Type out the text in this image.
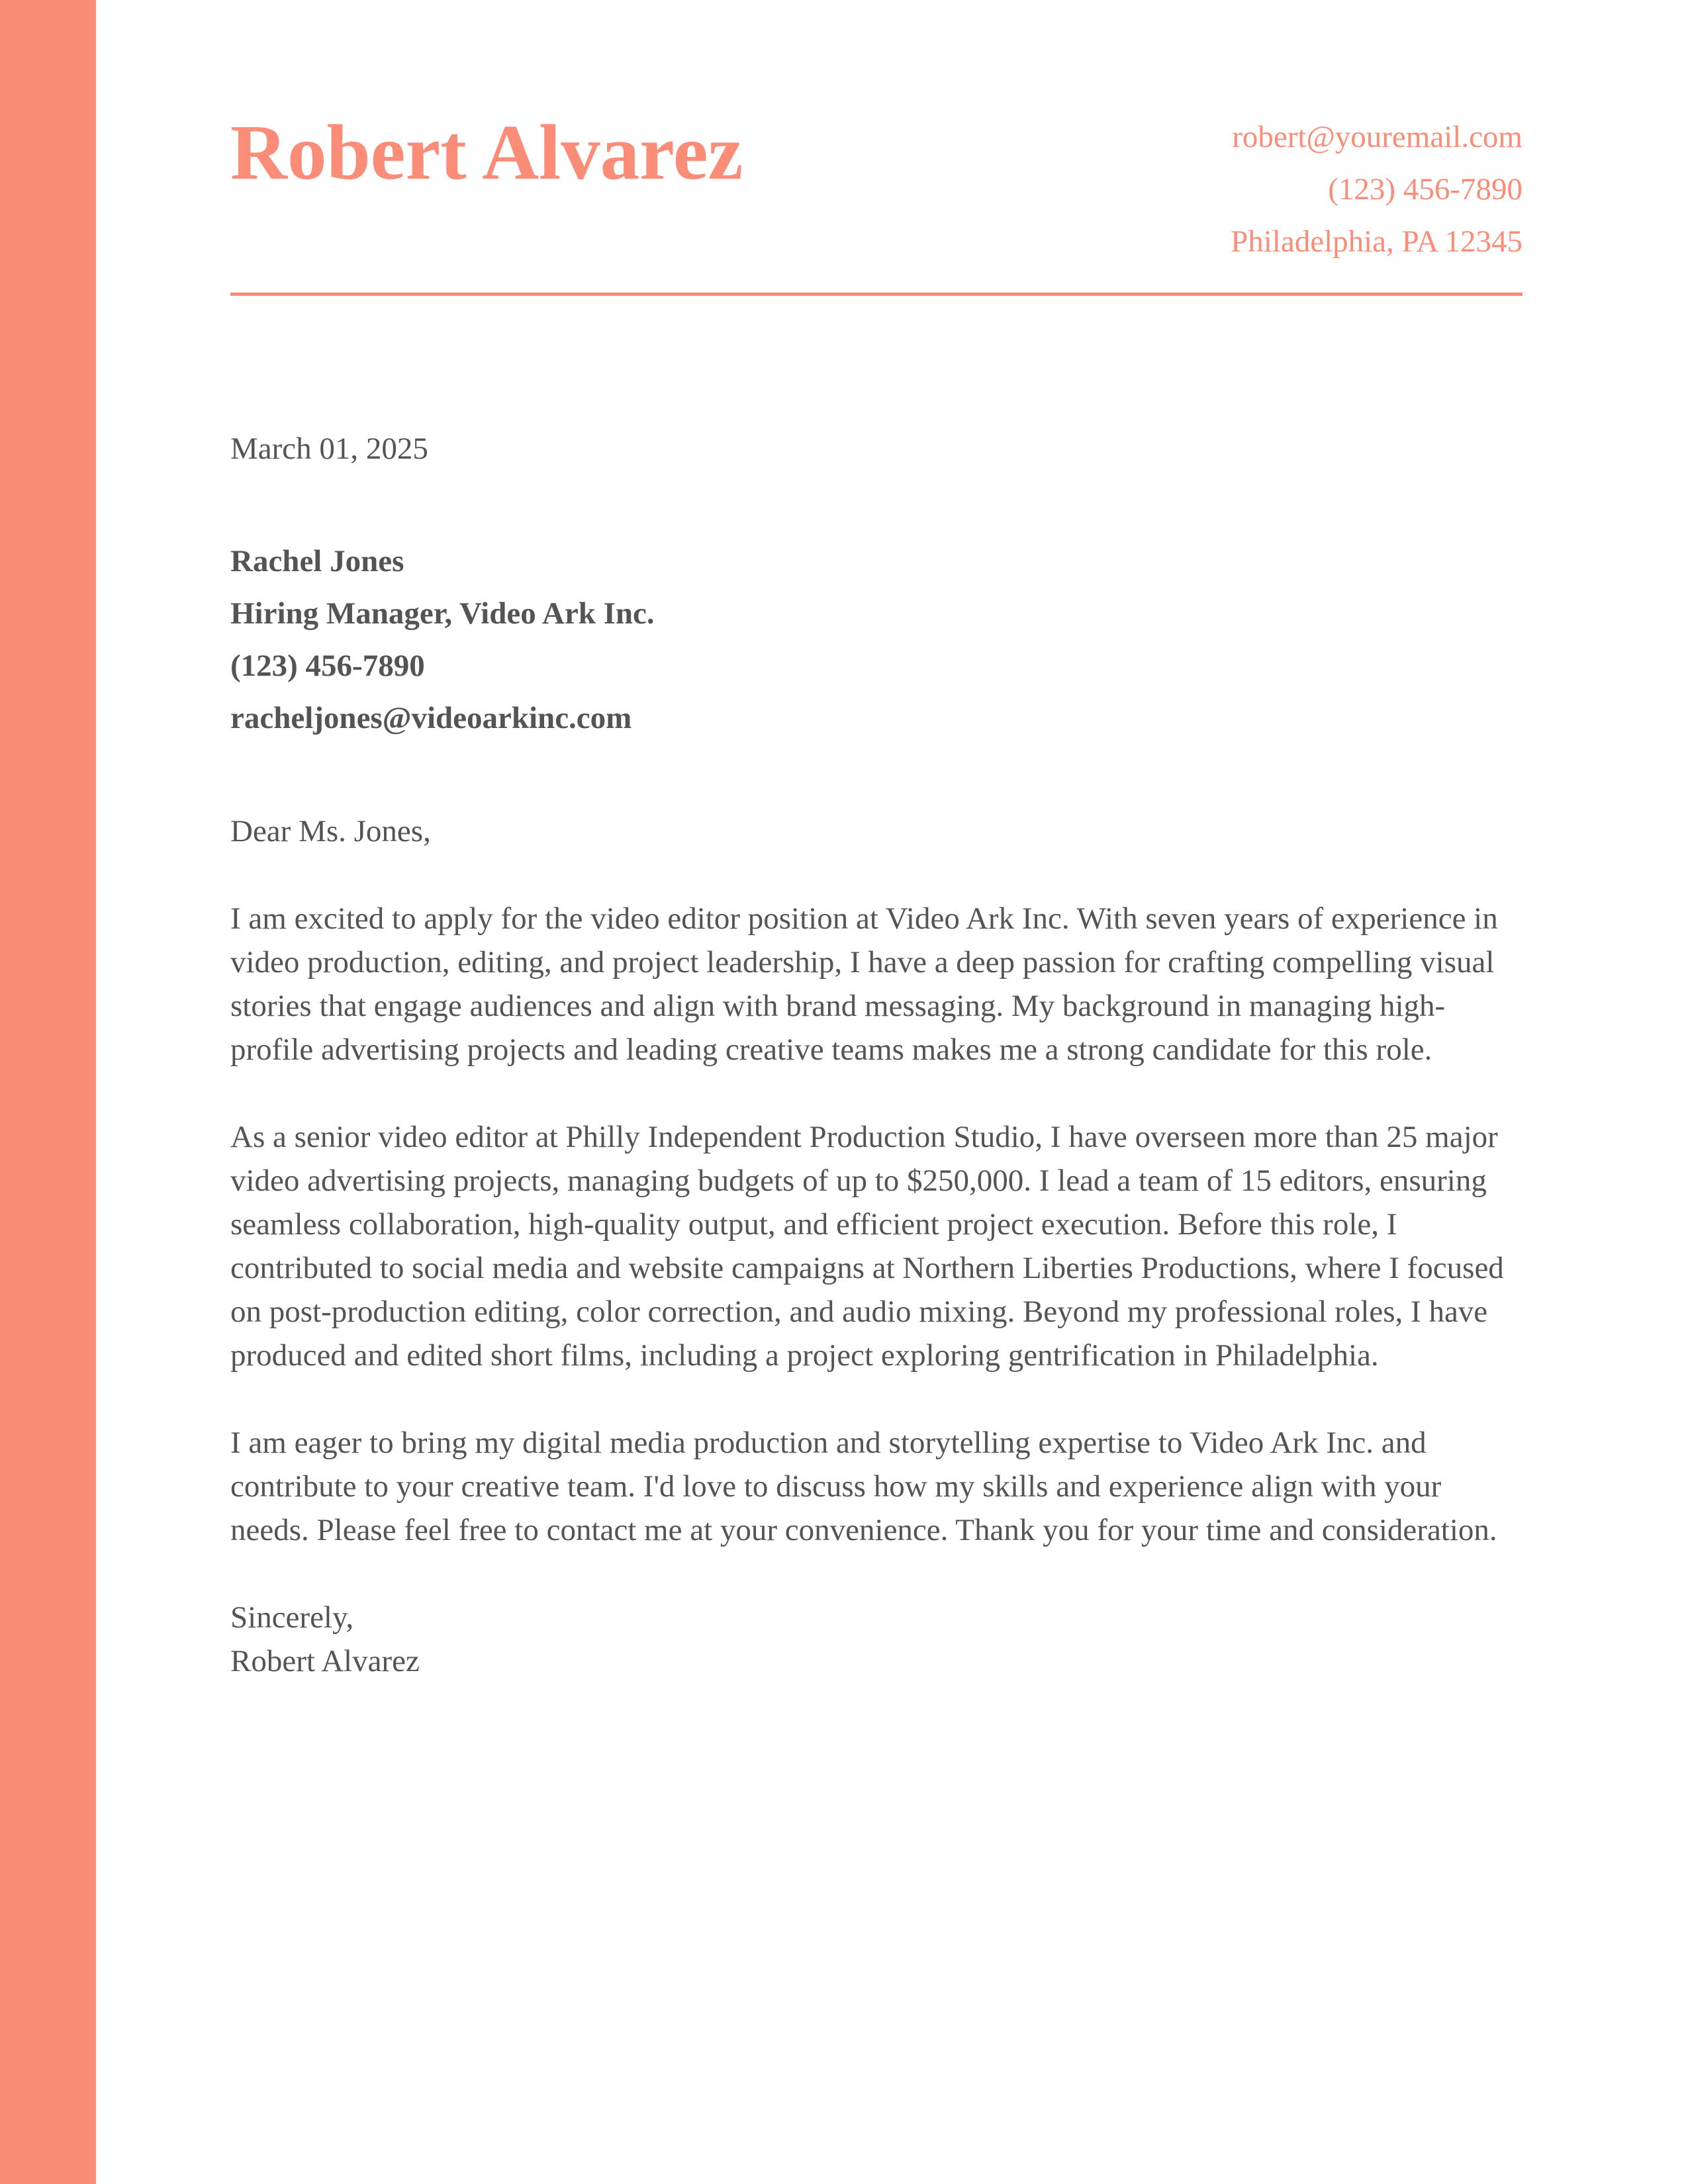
Robert Alvarez	robert@youremail.com
(123) 456-7890
Philadelphia, PA 12345

March 01, 2025

Rachel Jones
Hiring Manager, Video Ark Inc.
(123) 456-7890
racheljones@videoarkinc.com

Dear Ms. Jones,

I am excited to apply for the video editor position at Video Ark Inc. With seven years of experience in video production, editing, and project leadership, I have a deep passion for crafting compelling visual stories that engage audiences and align with brand messaging. My background in managing high-profile advertising projects and leading creative teams makes me a strong candidate for this role.

As a senior video editor at Philly Independent Production Studio, I have overseen more than 25 major video advertising projects, managing budgets of up to $250,000. I lead a team of 15 editors, ensuring seamless collaboration, high-quality output, and efficient project execution. Before this role, I contributed to social media and website campaigns at Northern Liberties Productions, where I focused on post-production editing, color correction, and audio mixing. Beyond my professional roles, I have produced and edited short films, including a project exploring gentrification in Philadelphia.

I am eager to bring my digital media production and storytelling expertise to Video Ark Inc. and contribute to your creative team. I'd love to discuss how my skills and experience align with your needs. Please feel free to contact me at your convenience. Thank you for your time and consideration.

Sincerely,
Robert Alvarez
